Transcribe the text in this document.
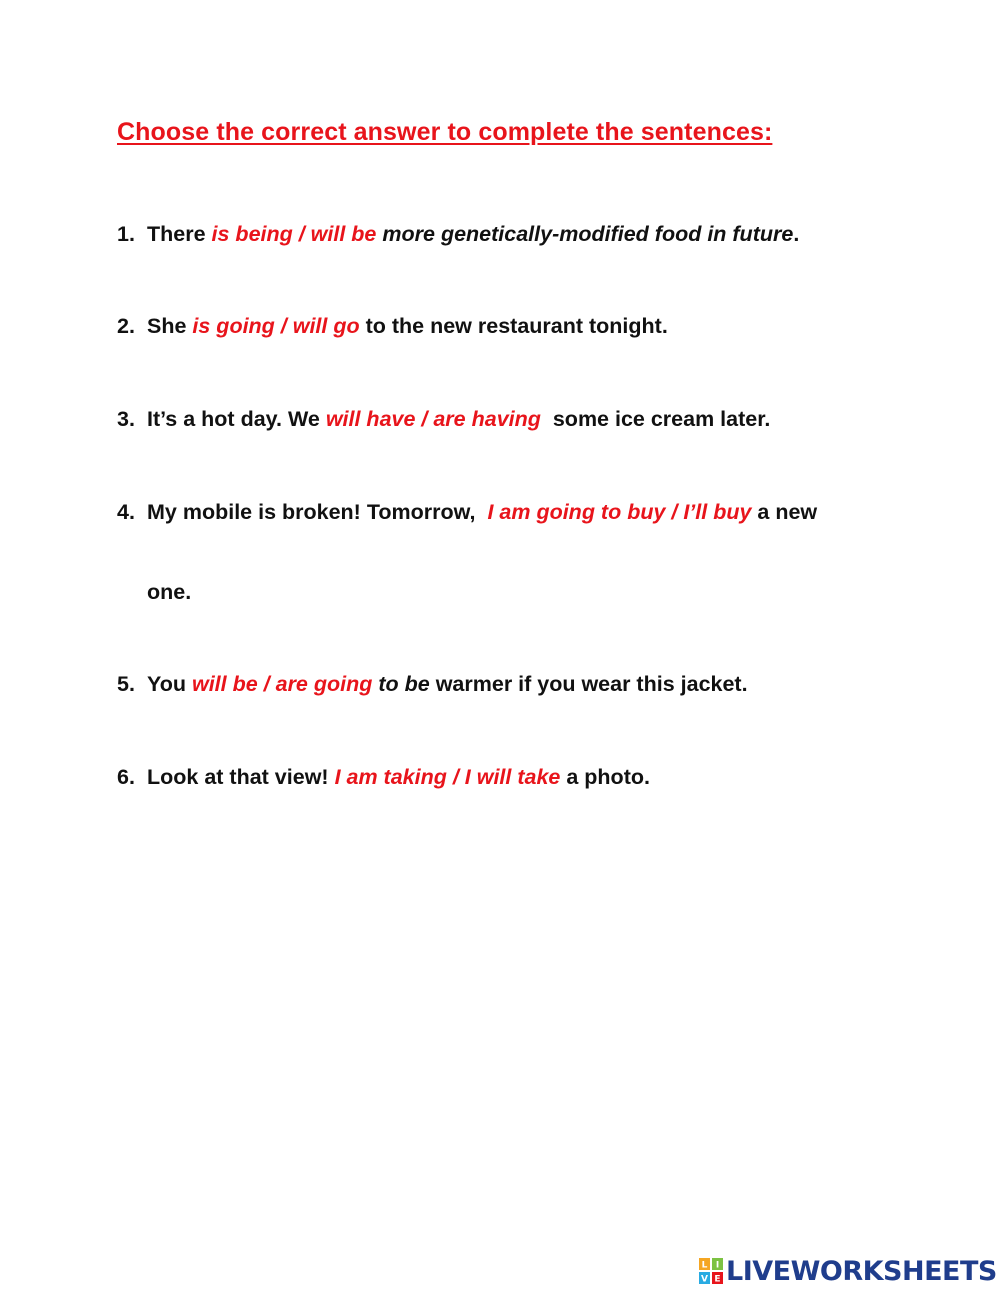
Choose the correct answer to complete the sentences:
1. There is being / will be more genetically-modified food in future.
2. She is going / will go to the new restaurant tonight.
3. It’s a hot day. We will have / are having  some ice cream later.
4. My mobile is broken! Tomorrow,  I am going to buy / I’ll buy a new
one.
5. You will be / are going to be warmer if you wear this jacket.
6. Look at that view! I am taking / I will take a photo.
L I
V E LIVEWORKSHEETS
